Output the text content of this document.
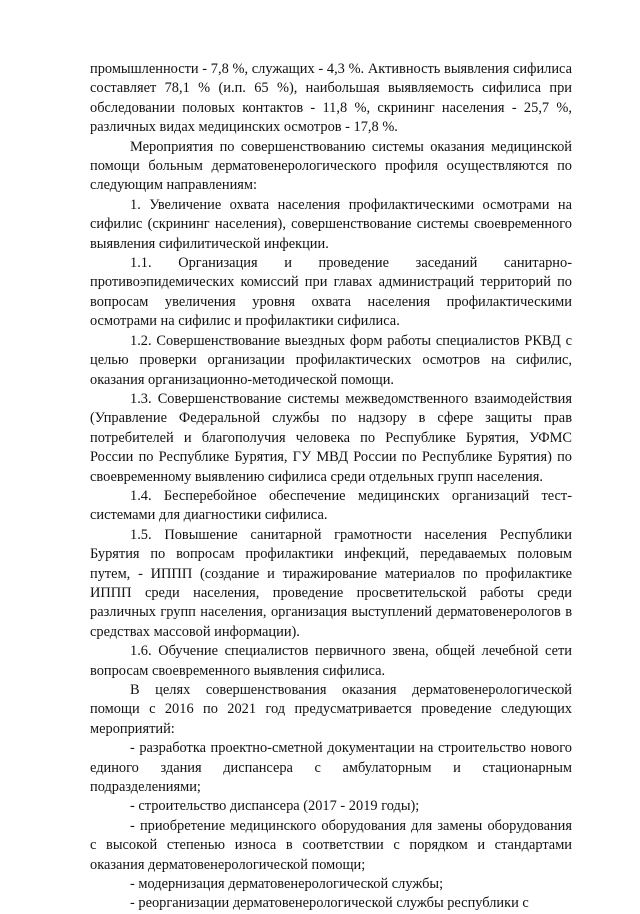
промышленности - 7,8 %, служащих - 4,3 %. Активность выявления сифилиса составляет 78,1 % (и.п. 65 %), наибольшая выявляемость сифилиса при обследовании половых контактов - 11,8 %, скрининг населения - 25,7 %, различных видах медицинских осмотров - 17,8 %.

Мероприятия по совершенствованию системы оказания медицинской помощи больным дерматовенерологического профиля осуществляются по следующим направлениям:

1. Увеличение охвата населения профилактическими осмотрами на сифилис (скрининг населения), совершенствование системы своевременного выявления сифилитической инфекции.

1.1. Организация и проведение заседаний санитарно-противоэпидемических комиссий при главах администраций территорий по вопросам увеличения уровня охвата населения профилактическими осмотрами на сифилис и профилактики сифилиса.

1.2. Совершенствование выездных форм работы специалистов РКВД с целью проверки организации профилактических осмотров на сифилис, оказания организационно-методической помощи.

1.3. Совершенствование системы межведомственного взаимодействия (Управление Федеральной службы по надзору в сфере защиты прав потребителей и благополучия человека по Республике Бурятия, УФМС России по Республике Бурятия, ГУ МВД России по Республике Бурятия) по своевременному выявлению сифилиса среди отдельных групп населения.

1.4. Бесперебойное обеспечение медицинских организаций тест-системами для диагностики сифилиса.

1.5. Повышение санитарной грамотности населения Республики Бурятия по вопросам профилактики инфекций, передаваемых половым путем, - ИППП (создание и тиражирование материалов по профилактике ИППП среди населения, проведение просветительской работы среди различных групп населения, организация выступлений дерматовенерологов в средствах массовой информации).

1.6. Обучение специалистов первичного звена, общей лечебной сети вопросам своевременного выявления сифилиса.

В целях совершенствования оказания дерматовенерологической помощи с 2016 по 2021 год предусматривается проведение следующих мероприятий:

- разработка проектно-сметной документации на строительство нового единого здания диспансера с амбулаторным и стационарным подразделениями;

- строительство диспансера (2017 - 2019 годы);

- приобретение медицинского оборудования для замены оборудования с высокой степенью износа в соответствии с порядком и стандартами оказания дерматовенерологической помощи;

- модернизация дерматовенерологической службы;

- реорганизации дерматовенерологической службы республики с
